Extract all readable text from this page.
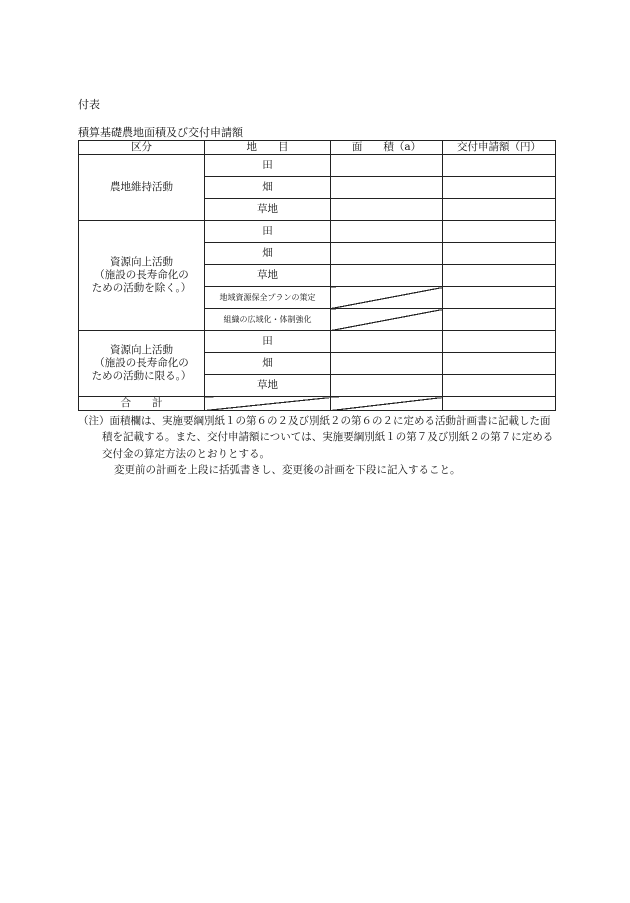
付表
積算基礎農地面積及び交付申請額
区分	地　　目	面　　積（a）	交付申請額（円）
農地維持活動	田		
	畑		
	草地		
資源向上活動
（施設の長寿命化の
ための活動を除く。）	田		
	畑		
	草地		
	地域資源保全プランの策定		
	組織の広域化・体制強化		
資源向上活動
（施設の長寿命化の
ための活動に限る。）	田		
	畑		
	草地		
合　　計			

（注）面積欄は、実施要綱別紙１の第６の２及び別紙２の第６の２に定める活動計画書に記載した面積を記載する。また、交付申請額については、実施要綱別紙１の第７及び別紙２の第７に定める交付金の算定方法のとおりとする。

変更前の計画を上段に括弧書きし、変更後の計画を下段に記入すること。
